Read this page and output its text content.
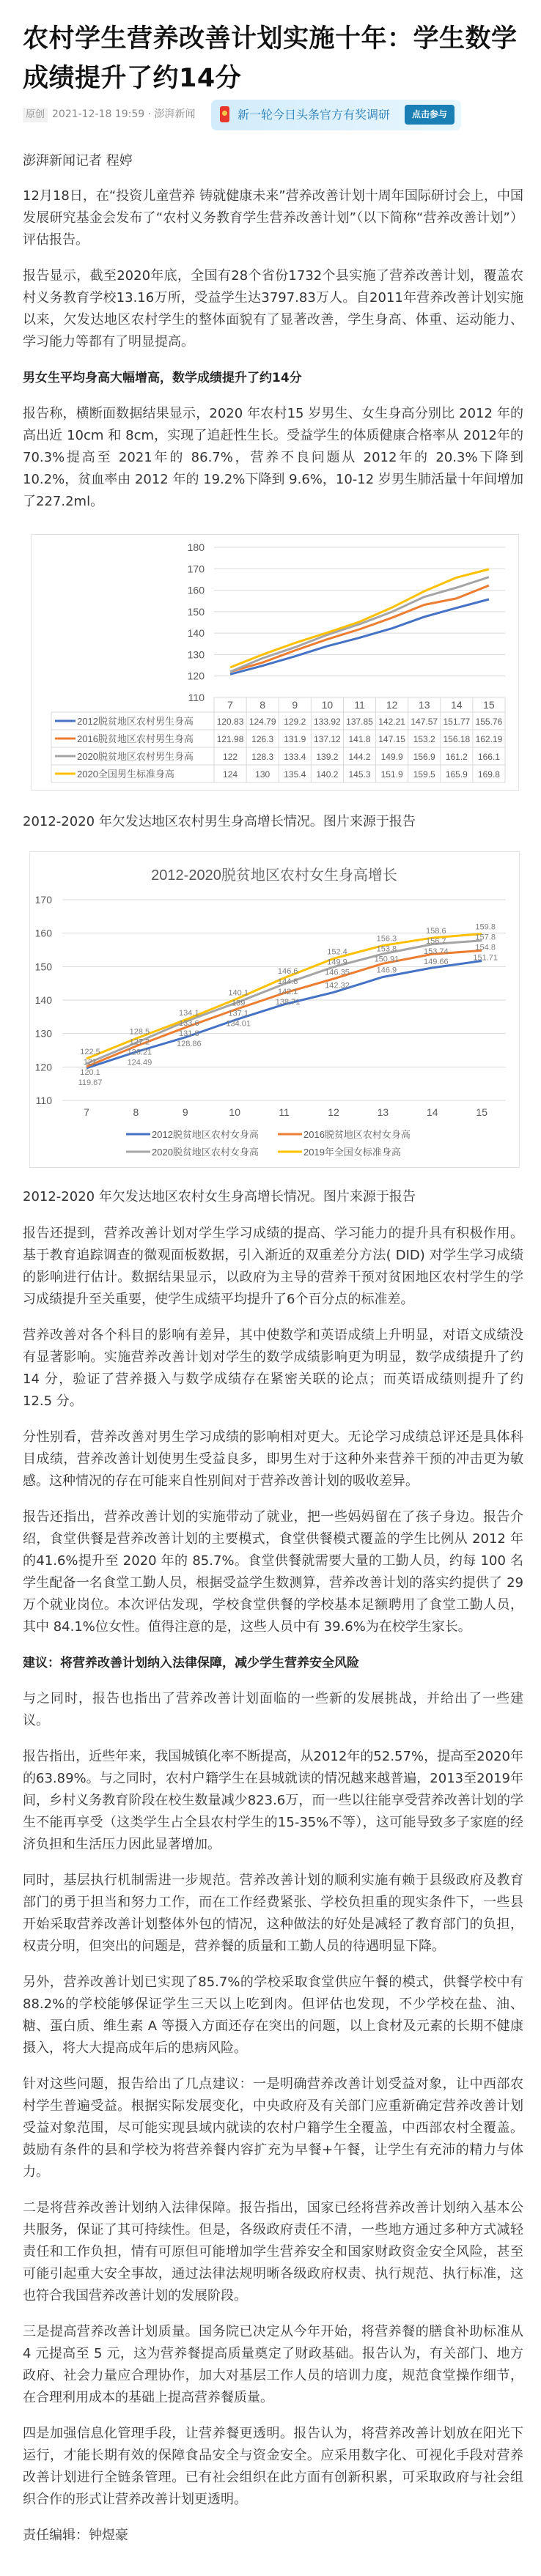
农村学生营养改善计划实施十年：学生数学成绩提升了约14分
原创 2021-12-18 19:59 · 澎湃新闻	新一轮今日头条官方有奖调研	点击参与
澎湃新闻记者 程婷

12月18日，在“投资儿童营养 铸就健康未来”营养改善计划十周年国际研讨会上，中国发展研究基金会发布了“农村义务教育学生营养改善计划”（以下简称“营养改善计划”）评估报告。

报告显示，截至2020年底，全国有28个省份1732个县实施了营养改善计划，覆盖农村义务教育学校13.16万所，受益学生达3797.83万人。自2011年营养改善计划实施以来，欠发达地区农村学生的整体面貌有了显著改善，学生身高、体重、运动能力、学习能力等都有了明显提高。

男女生平均身高大幅增高，数学成绩提升了约14分

报告称，横断面数据结果显示，2020 年农村15 岁男生、女生身高分别比 2012 年的高出近 10cm 和 8cm，实现了追赶性生长。受益学生的体质健康合格率从 2012年的 70.3%提高至 2021年的 86.7%，营养不良问题从 2012年的 20.3%下降到 10.2%，贫血率由 2012 年的 19.2%下降到 9.6%，10-12 岁男生肺活量十年间增加了227.2ml。

110
120
130
140
150
160
170
180
7	8	9 10 11 12 13 14 15
2012脱贫地区农村男生身高	120.83 124.79 129.2 133.92 137.85 142.21 147.57 151.77 155.76
2016脱贫地区农村男生身高	121.98 126.3 131.9 137.12 141.8 147.15 153.2 156.18 162.19
2020脱贫地区农村男生身高	122 128.3 133.4 139.2 144.2 149.9 156.9 161.2 166.1
2020全国男生标准身高	124 130 135.4 140.2 145.3 151.9 159.5 165.9 169.8
2012-2020 年欠发达地区农村男生身高增长情况。图片来源于报告
2012-2020脱贫地区农村女生身高增长
110
120
130
140
150
160
170
7	8	9	10	11	12	13	14	15
122.5
121
120.1
119.67
128.5
127.2
126.21
124.49
134.1
133.6
131.8
128.86
140.1
139
137.1
134.01
146.6
144.8
142.1
138.71
152.4
149.9
146.35
142.32
156.3
153.8
150.91
146.9
158.6
156.7
153.74
149.66
159.8
157.8
154.8
151.71
2012脱贫地区农村女身高	2016脱贫地区农村女身高
2020脱贫地区农村女身高	2019年全国女标准身高
2012-2020 年欠发达地区农村女生身高增长情况。图片来源于报告

报告还提到，营养改善计划对学生学习成绩的提高、学习能力的提升具有积极作用。基于教育追踪调查的微观面板数据，引入渐近的双重差分方法( DID) 对学生学习成绩的影响进行估计。数据结果显示，以政府为主导的营养干预对贫困地区农村学生的学习成绩提升至关重要，使学生成绩平均提升了6个百分点的标准差。

营养改善对各个科目的影响有差异，其中使数学和英语成绩上升明显，对语文成绩没有显著影响。实施营养改善计划对学生的数学成绩影响更为明显，数学成绩提升了约 14 分，验证了营养摄入与数学成绩存在紧密关联的论点；而英语成绩则提升了约 12.5 分。

分性别看，营养改善对男生学习成绩的影响相对更大。无论学习成绩总评还是具体科目成绩，营养改善计划使男生受益良多，即男生对于这种外来营养干预的冲击更为敏感。这种情况的存在可能来自性别间对于营养改善计划的吸收差异。

报告还指出，营养改善计划的实施带动了就业，把一些妈妈留在了孩子身边。报告介绍，食堂供餐是营养改善计划的主要模式，食堂供餐模式覆盖的学生比例从 2012 年的41.6%提升至 2020 年的 85.7%。食堂供餐就需要大量的工勤人员，约每 100 名学生配备一名食堂工勤人员，根据受益学生数测算，营养改善计划的落实约提供了 29 万个就业岗位。本次评估发现，学校食堂供餐的学校基本足额聘用了食堂工勤人员，其中 84.1%位女性。值得注意的是，这些人员中有 39.6%为在校学生家长。

建议：将营养改善计划纳入法律保障，减少学生营养安全风险

与之同时，报告也指出了营养改善计划面临的一些新的发展挑战，并给出了一些建议。

报告指出，近些年来，我国城镇化率不断提高，从2012年的52.57%，提高至2020年的63.89%。与之同时，农村户籍学生在县城就读的情况越来越普遍，2013至2019年间，乡村义务教育阶段在校生数量减少823.6万，而一些以往能享受营养改善计划的学生不能再享受（这类学生占全县农村学生的15-35%不等），这可能导致多子家庭的经济负担和生活压力因此显著增加。

同时，基层执行机制需进一步规范。营养改善计划的顺利实施有赖于县级政府及教育部门的勇于担当和努力工作，而在工作经费紧张、学校负担重的现实条件下，一些县开始采取营养改善计划整体外包的情况，这种做法的好处是减轻了教育部门的负担，权责分明，但突出的问题是，营养餐的质量和工勤人员的待遇明显下降。

另外，营养改善计划已实现了85.7%的学校采取食堂供应午餐的模式，供餐学校中有88.2%的学校能够保证学生三天以上吃到肉。但评估也发现，不少学校在盐、油、糖、蛋白质、维生素 A 等摄入方面还存在突出的问题，以上食材及元素的长期不健康摄入，将大大提高成年后的患病风险。

针对这些问题，报告给出了几点建议：一是明确营养改善计划受益对象，让中西部农村学生普遍受益。根据实际发展变化，中央政府及有关部门应重新确定营养改善计划受益对象范围，尽可能实现县域内就读的农村户籍学生全覆盖，中西部农村全覆盖。鼓励有条件的县和学校为将营养餐内容扩充为早餐+午餐，让学生有充沛的精力与体力。

二是将营养改善计划纳入法律保障。报告指出，国家已经将营养改善计划纳入基本公共服务，保证了其可持续性。但是，各级政府责任不清，一些地方通过多种方式减轻责任和工作负担，情有可原但可能增加学生营养安全和国家财政资金安全风险，甚至可能引起重大安全事故，通过法律法规明晰各级政府权责、执行规范、执行标准，这也符合我国营养改善计划的发展阶段。

三是提高营养改善计划质量。国务院已决定从今年开始，将营养餐的膳食补助标准从 4 元提高至 5 元，这为营养餐提高质量奠定了财政基础。报告认为，有关部门、地方政府、社会力量应合理协作，加大对基层工作人员的培训力度，规范食堂操作细节，在合理利用成本的基础上提高营养餐质量。

四是加强信息化管理手段，让营养餐更透明。报告认为，将营养改善计划放在阳光下运行，才能长期有效的保障食品安全与资金安全。应采用数字化、可视化手段对营养改善计划进行全链条管理。已有社会组织在此方面有创新积累，可采取政府与社会组织合作的形式让营养改善计划更透明。

责任编辑：钟煜豪
